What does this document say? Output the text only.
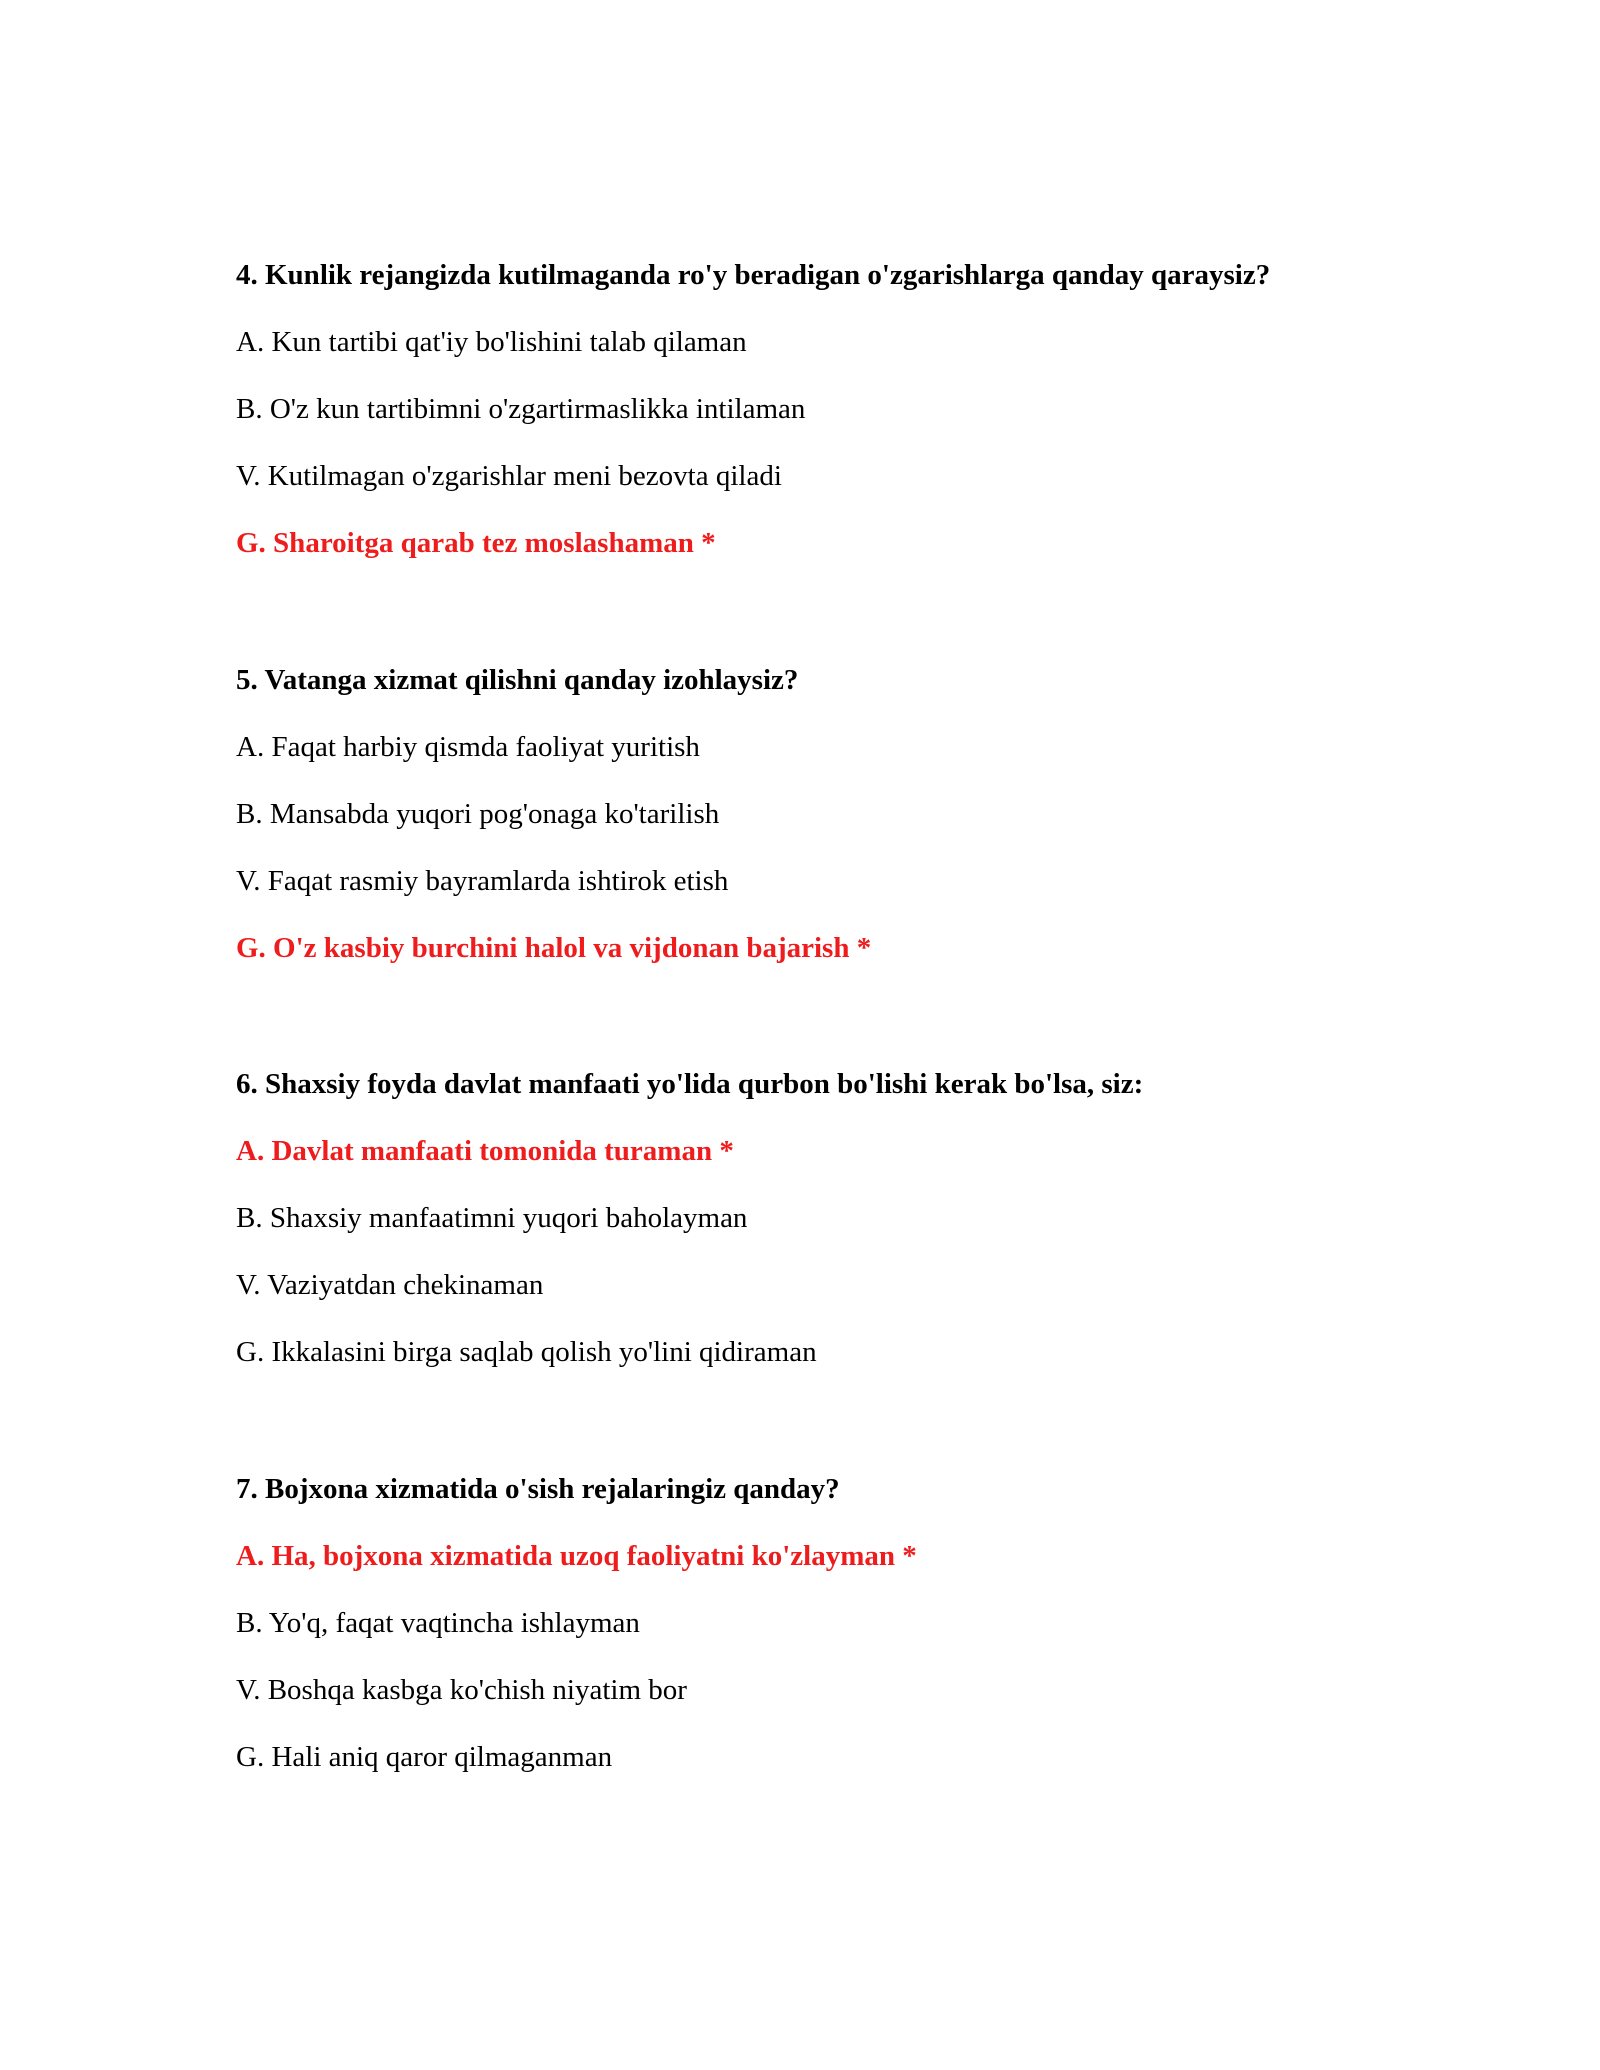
4. Kunlik rejangizda kutilmaganda ro'y beradigan o'zgarishlarga qanday qaraysiz?

A. Kun tartibi qat'iy bo'lishini talab qilaman

B. O'z kun tartibimni o'zgartirmaslikka intilaman

V. Kutilmagan o'zgarishlar meni bezovta qiladi

G. Sharoitga qarab tez moslashaman *

5. Vatanga xizmat qilishni qanday izohlaysiz?

A. Faqat harbiy qismda faoliyat yuritish

B. Mansabda yuqori pog'onaga ko'tarilish

V. Faqat rasmiy bayramlarda ishtirok etish

G. O'z kasbiy burchini halol va vijdonan bajarish *

6. Shaxsiy foyda davlat manfaati yo'lida qurbon bo'lishi kerak bo'lsa, siz:

A. Davlat manfaati tomonida turaman *

B. Shaxsiy manfaatimni yuqori baholayman

V. Vaziyatdan chekinaman

G. Ikkalasini birga saqlab qolish yo'lini qidiraman

7. Bojxona xizmatida o'sish rejalaringiz qanday?

A. Ha, bojxona xizmatida uzoq faoliyatni ko'zlayman *

B. Yo'q, faqat vaqtincha ishlayman

V. Boshqa kasbga ko'chish niyatim bor

G. Hali aniq qaror qilmaganman
